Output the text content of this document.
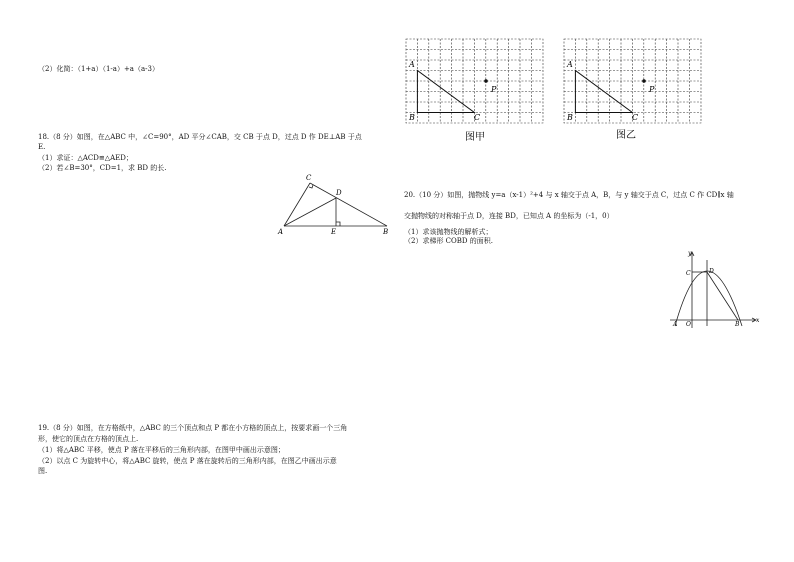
（2）化简：（1+a）（1-a）+a（a-3）
18.（8 分）如图，在△ABC 中，∠C=90°，AD 平分∠CAB，交 CB 于点 D，过点 D 作 DE⊥AB 于点
E.
（1）求证：△ACD≌△AED；
（2）若∠B=30°，CD=1，求 BD 的长.
A	B
C
D
E
19.（8 分）如图，在方格纸中，△ABC 的三个顶点和点 P 都在小方格的顶点上，按要求画一个三角
形，使它的顶点在方格的顶点上.
（1）将△ABC 平移，使点 P 落在平移后的三角形内部，在图甲中画出示意图；
（2）以点 C 为旋转中心，将△ABC 旋转，使点 P 落在旋转后的三角形内部，在图乙中画出示意
图.
A
B	C
P
图甲
A
B	C
P
图乙
20.（10 分）如图，抛物线 y=a（x-1）²+4 与 x 轴交于点 A，B，与 y 轴交于点 C，过点 C 作 CD∥x 轴
交抛物线的对称轴于点 D，连接 BD，已知点 A 的坐标为（-1，0）
（1）求该抛物线的解析式；
（2）求梯形 COBD 的面积.
y
x
C	D
A O	B
